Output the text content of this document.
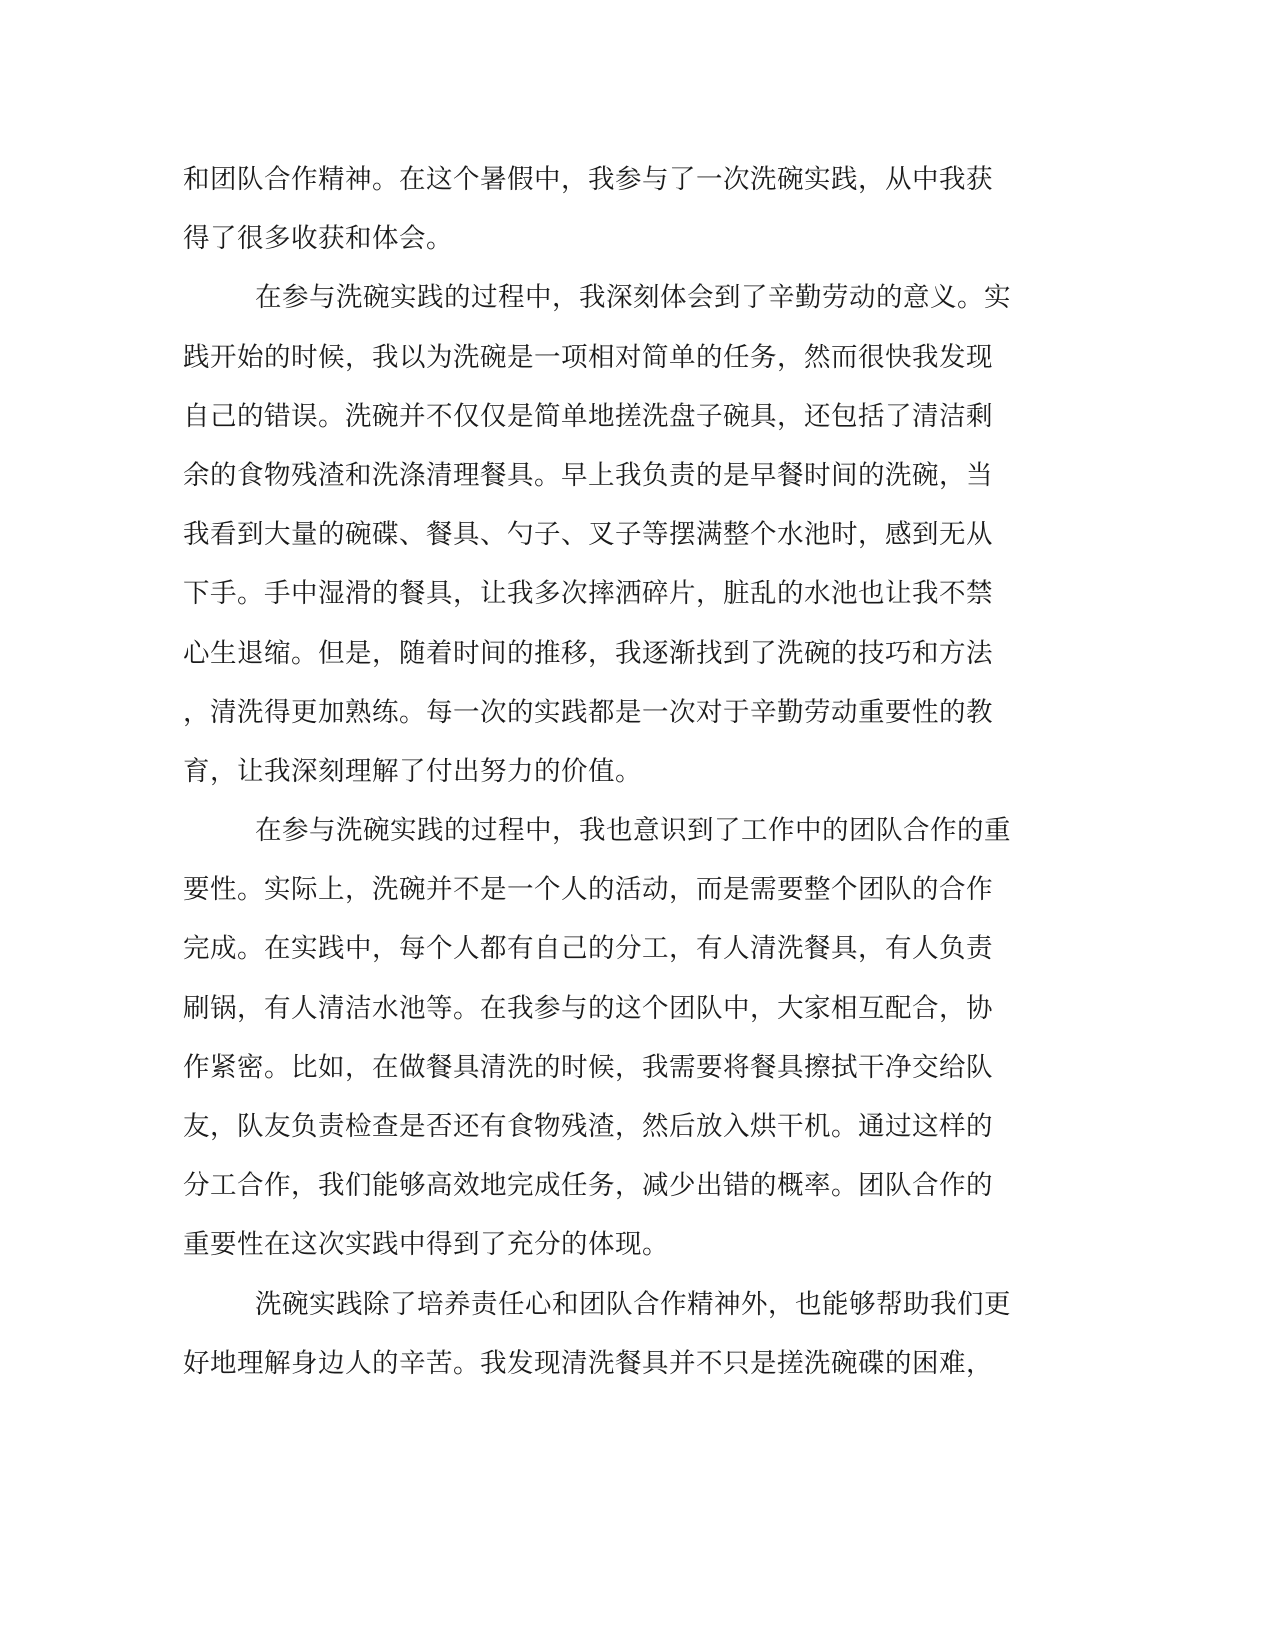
和团队合作精神。在这个暑假中，我参与了一次洗碗实践，从中我获
得了很多收获和体会。
在参与洗碗实践的过程中，我深刻体会到了辛勤劳动的意义。实
践开始的时候，我以为洗碗是一项相对简单的任务，然而很快我发现
自己的错误。洗碗并不仅仅是简单地搓洗盘子碗具，还包括了清洁剩
余的食物残渣和洗涤清理餐具。早上我负责的是早餐时间的洗碗，当
我看到大量的碗碟、餐具、勺子、叉子等摆满整个水池时，感到无从
下手。手中湿滑的餐具，让我多次摔洒碎片，脏乱的水池也让我不禁
心生退缩。但是，随着时间的推移，我逐渐找到了洗碗的技巧和方法
，清洗得更加熟练。每一次的实践都是一次对于辛勤劳动重要性的教
育，让我深刻理解了付出努力的价值。
在参与洗碗实践的过程中，我也意识到了工作中的团队合作的重
要性。实际上，洗碗并不是一个人的活动，而是需要整个团队的合作
完成。在实践中，每个人都有自己的分工，有人清洗餐具，有人负责
刷锅，有人清洁水池等。在我参与的这个团队中，大家相互配合，协
作紧密。比如，在做餐具清洗的时候，我需要将餐具擦拭干净交给队
友，队友负责检查是否还有食物残渣，然后放入烘干机。通过这样的
分工合作，我们能够高效地完成任务，减少出错的概率。团队合作的
重要性在这次实践中得到了充分的体现。
洗碗实践除了培养责任心和团队合作精神外，也能够帮助我们更
好地理解身边人的辛苦。我发现清洗餐具并不只是搓洗碗碟的困难，
